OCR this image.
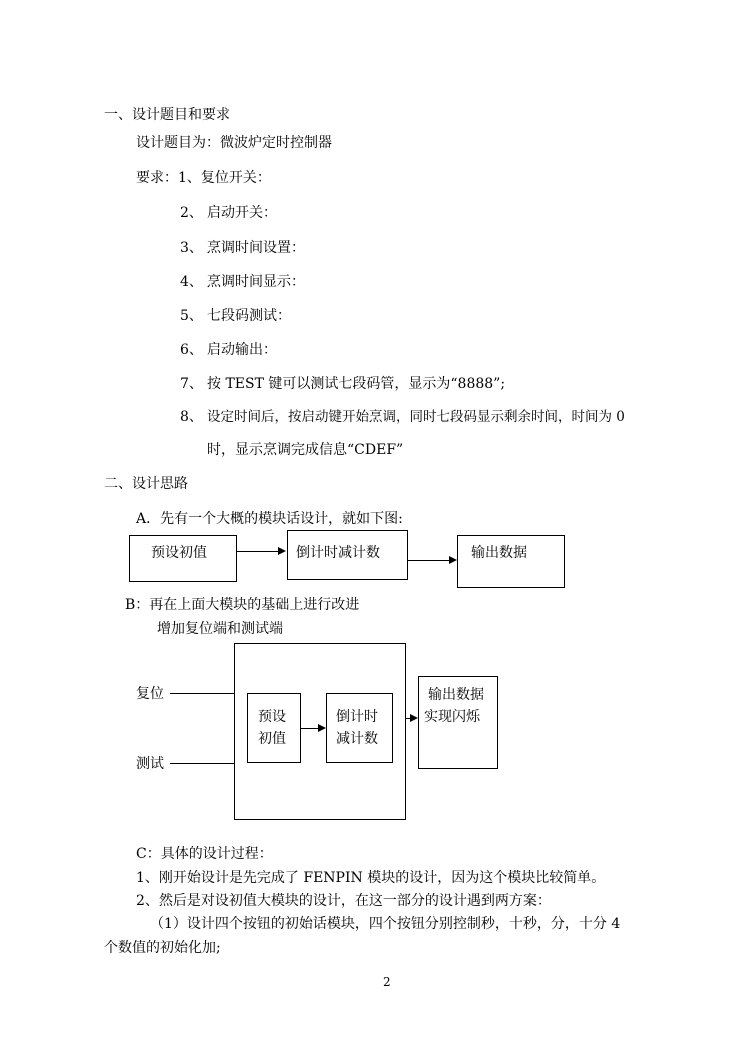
一、设计题目和要求
设计题目为：微波炉定时控制器
要求：1、复位开关：
2、 启动开关：
3、 烹调时间设置：
4、 烹调时间显示：
5、 七段码测试：
6、 启动输出：
7、 按 TEST 键可以测试七段码管，显示为“8888”;
8、 设定时间后，按启动键开始烹调，同时七段码显示剩余时间，时间为 0
时，显示烹调完成信息“CDEF”
二、设计思路
A．先有一个大概的模块话设计，就如下图:
预设初值	倒计时减计数	输出数据
B：再在上面大模块的基础上进行改进
增加复位端和测试端
复位
测试
预设
初值
倒计时
减计数
输出数据
实现闪烁
C：具体的设计过程：
1、刚开始设计是先完成了 FENPIN 模块的设计，因为这个模块比较简单。
2、然后是对设初值大模块的设计，在这一部分的设计遇到两方案：
（1）设计四个按钮的初始话模块，四个按钮分别控制秒，十秒，分，十分 4
个数值的初始化加;
2
